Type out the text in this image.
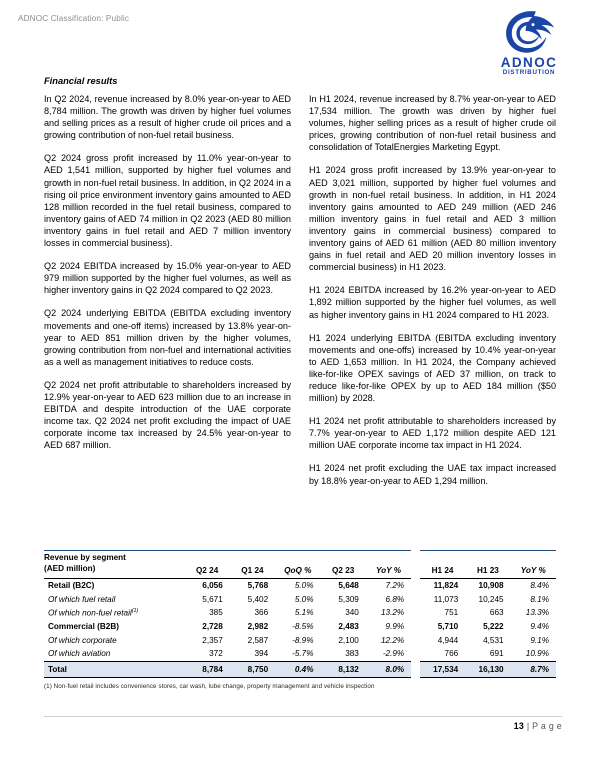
ADNOC Classification: Public
ADNOC
DISTRIBUTION
Financial results

In Q2 2024, revenue increased by 8.0% year-on-year to AED 8,784 million. The growth was driven by higher fuel volumes and selling prices as a result of higher crude oil prices and a growing contribution of non-fuel retail business.

Q2 2024 gross profit increased by 11.0% year-on-year to AED 1,541 million, supported by higher fuel volumes and growth in non-fuel retail business. In addition, in Q2 2024 in a rising oil price environment inventory gains amounted to AED 128 million recorded in the fuel retail business, compared to inventory gains of AED 74 million in Q2 2023 (AED 80 million inventory gains in fuel retail and AED 7 million inventory losses in commercial business).

Q2 2024 EBITDA increased by 15.0% year-on-year to AED 979 million supported by the higher fuel volumes, as well as higher inventory gains in Q2 2024 compared to Q2 2023.

Q2 2024 underlying EBITDA (EBITDA excluding inventory movements and one-off items) increased by 13.8% year-on-year to AED 851 million driven by the higher volumes, growing contribution from non-fuel and international activities as a well as management initiatives to reduce costs.

Q2 2024 net profit attributable to shareholders increased by 12.9% year-on-year to AED 623 million due to an increase in EBITDA and despite introduction of the UAE corporate income tax. Q2 2024 net profit excluding the impact of UAE corporate income tax increased by 24.5% year-on-year to AED 687 million.

In H1 2024, revenue increased by 8.7% year-on-year to AED 17,534 million. The growth was driven by higher fuel volumes, higher selling prices as a result of higher crude oil prices, growing contribution of non-fuel retail business and consolidation of TotalEnergies Marketing Egypt.

H1 2024 gross profit increased by 13.9% year-on-year to AED 3,021 million, supported by higher fuel volumes and growth in non-fuel retail business. In addition, in H1 2024 inventory gains amounted to AED 249 million (AED 246 million inventory gains in fuel retail and AED 3 million inventory gains in commercial business) compared to inventory gains of AED 61 million (AED 80 million inventory gains in fuel retail and AED 20 million inventory losses in commercial business) in H1 2023.

H1 2024 EBITDA increased by 16.2% year-on-year to AED 1,892 million supported by the higher fuel volumes, as well as higher inventory gains in H1 2024 compared to H1 2023.

H1 2024 underlying EBITDA (EBITDA excluding inventory movements and one-offs) increased by 10.4% year-on-year to AED 1,653 million. In H1 2024, the Company achieved like-for-like OPEX savings of AED 37 million, on track to reduce like-for-like OPEX by up to AED 184 million ($50 million) by 2028.

H1 2024 net profit attributable to shareholders increased by 7.7% year-on-year to AED 1,172 million despite AED 121 million UAE corporate income tax impact in H1 2024.

H1 2024 net profit excluding the UAE tax impact increased by 18.8% year-on-year to AED 1,294 million.

Revenue by segment
(AED million)	Q2 24	Q1 24	QoQ %	Q2 23	YoY %		H1 24	H1 23	YoY %
Retail (B2C)	6,056	5,768	5.0%	5,648	7.2%		11,824	10,908	8.4%
Of which fuel retail	5,671	5,402	5.0%	5,309	6.8%		11,073	10,245	8.1%
Of which non-fuel retail$^{(1)}$	385	366	5.1%	340	13.2%		751	663	13.3%
Commercial (B2B)	2,728	2,982	-8.5%	2,483	9.9%		5,710	5,222	9.4%
Of which corporate	2,357	2,587	-8.9%	2,100	12.2%		4,944	4,531	9.1%
Of which aviation	372	394	-5.7%	383	-2.9%		766	691	10.9%
Total	8,784	8,750	0.4%	8,132	8.0%		17,534	16,130	8.7%
(1) Non-fuel retail includes convenience stores, car wash, lube change, property management and vehicle inspection
13 | P a g e
